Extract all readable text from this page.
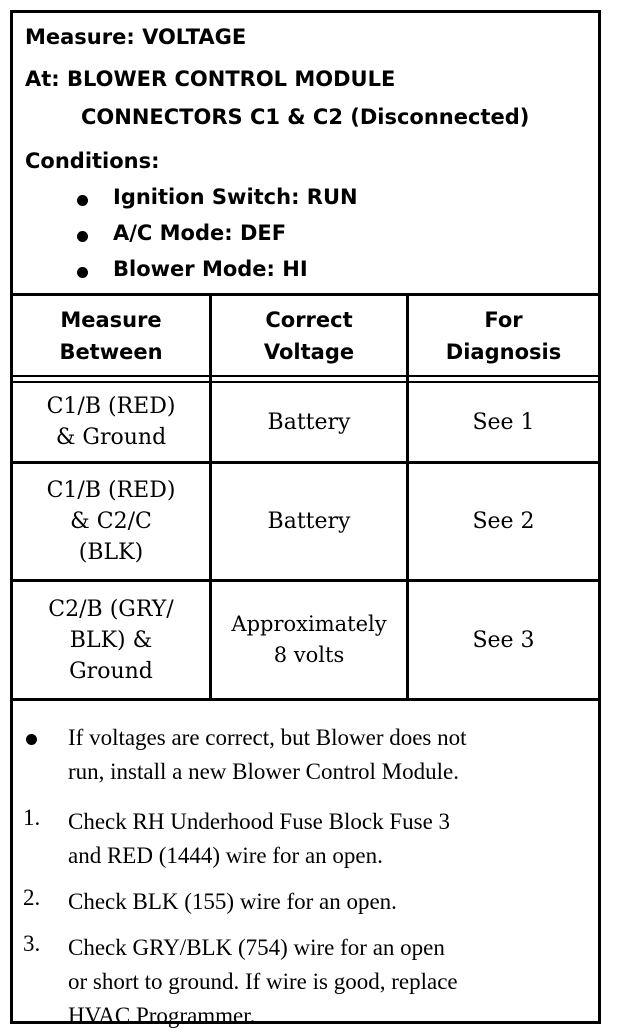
Measure: VOLTAGE
At: BLOWER CONTROL MODULE
CONNECTORS C1 & C2 (Disconnected)
Conditions:
Ignition Switch: RUN
A/C Mode: DEF
Blower Mode: HI
Measure
Between
Correct
Voltage
For
Diagnosis
C1/B (RED)
& Ground
Battery	See 1
C1/B (RED)
& C2/C
(BLK)
Battery	See 2
C2/B (GRY/
BLK) &
Ground
Approximately
8 volts
See 3
If voltages are correct, but Blower does not
run, install a new Blower Control Module.
1. Check RH Underhood Fuse Block Fuse 3
and RED (1444) wire for an open.
2. Check BLK (155) wire for an open.
3. Check GRY/BLK (754) wire for an open
or short to ground. If wire is good, replace
HVAC Programmer.
